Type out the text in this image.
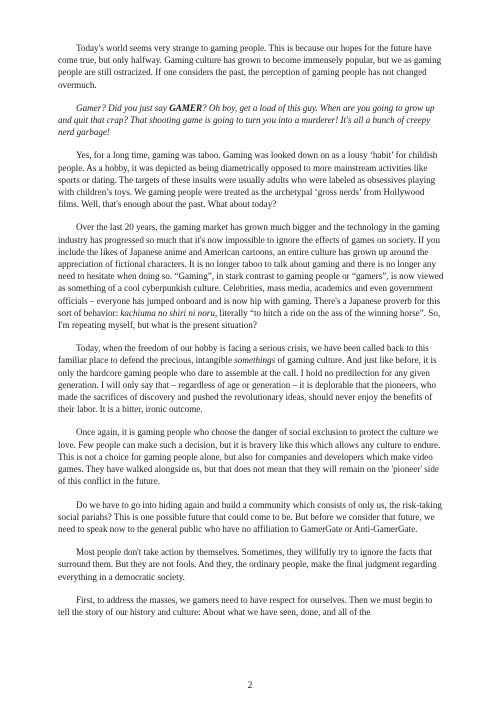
Today's world seems very strange to gaming people. This is because our hopes for the future have come true, but only halfway. Gaming culture has grown to become immensely popular, but we as gaming people are still ostracized. If one considers the past, the perception of gaming people has not changed overmuch.

Gamer? Did you just say GAMER? Oh boy, get a load of this guy. When are you going to grow up and quit that crap? That shooting game is going to turn you into a murderer! It's all a bunch of creepy nerd garbage!

Yes, for a long time, gaming was taboo. Gaming was looked down on as a lousy ‘habit’ for childish people. As a hobby, it was depicted as being diametrically opposed to more mainstream activities like sports or dating. The targets of these insults were usually adults who were labeled as obsessives playing with children’s toys. We gaming people were treated as the archetypal ‘gross nerds’ from Hollywood films. Well, that's enough about the past. What about today?

Over the last 20 years, the gaming market has grown much bigger and the technology in the gaming industry has progressed so much that it's now impossible to ignore the effects of games on society. If you include the likes of Japanese anime and American cartoons, an entire culture has grown up around the appreciation of fictional characters. It is no longer taboo to talk about gaming and there is no longer any need to hesitate when doing so. “Gaming”, in stark contrast to gaming people or “gamers”, is now viewed as something of a cool cyberpunkish culture. Celebrities, mass media, academics and even government officials – everyone has jumped onboard and is now hip with gaming. There's a Japanese proverb for this sort of behavior: kachiuma no shiri ni noru, literally “to hitch a ride on the ass of the winning horse”. So, I'm repeating myself, but what is the present situation?

Today, when the freedom of our hobby is facing a serious crisis, we have been called back to this familiar place to defend the precious, intangible somethings of gaming culture. And just like before, it is only the hardcore gaming people who dare to assemble at the call. I hold no predilection for any given generation. I will only say that – regardless of age or generation – it is deplorable that the pioneers, who made the sacrifices of discovery and pushed the revolutionary ideas, should never enjoy the benefits of their labor. It is a bitter, ironic outcome.

Once again, it is gaming people who choose the danger of social exclusion to protect the culture we love. Few people can make such a decision, but it is bravery like this which allows any culture to endure. This is not a choice for gaming people alone, but also for companies and developers which make video games. They have walked alongside us, but that does not mean that they will remain on the 'pioneer' side of this conflict in the future.

Do we have to go into hiding again and build a community which consists of only us, the risk-taking social pariahs? This is one possible future that could come to be. But before we consider that future, we need to speak now to the general public who have no affiliation to GamerGate or Anti-GamerGate.

Most people don't take action by themselves. Sometimes, they willfully try to ignore the facts that surround them. But they are not fools. And they, the ordinary people, make the final judgment regarding everything in a democratic society.

First, to address the masses, we gamers need to have respect for ourselves. Then we must begin to tell the story of our history and culture: About what we have seen, done, and all of the

2
